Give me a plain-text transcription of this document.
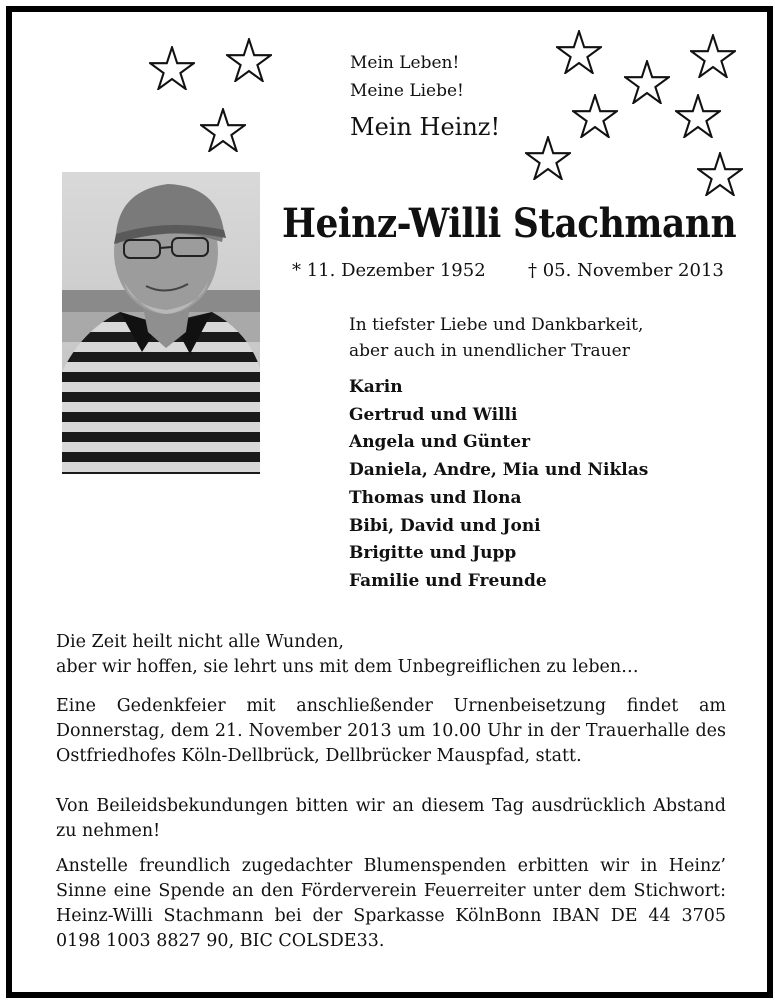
Mein Leben!
Meine Liebe!
Mein Heinz!
Heinz-Willi Stachmann
* 11. Dezember 1952 † 05. November 2013
In tiefster Liebe und Dankbarkeit,
aber auch in unendlicher Trauer
Karin
Gertrud und Willi
Angela und Günter
Daniela, Andre, Mia und Niklas
Thomas und Ilona
Bibi, David und Joni
Brigitte und Jupp
Familie und Freunde
Die Zeit heilt nicht alle Wunden,
aber wir hoffen, sie lehrt uns mit dem Unbegreiflichen zu leben…
Eine Gedenkfeier mit anschließender Urnenbeisetzung findet am Donnerstag, dem 21. November 2013 um 10.00 Uhr in der Trauerhalle des Ostfriedhofes Köln-Dellbrück, Dellbrücker Mauspfad, statt.
Von Beileidsbekundungen bitten wir an diesem Tag ausdrücklich Abstand zu nehmen!
Anstelle freundlich zugedachter Blumenspenden erbitten wir in Heinz’ Sinne eine Spende an den Förderverein Feuerreiter unter dem Stichwort: Heinz-Willi Stachmann bei der Sparkasse KölnBonn IBAN DE 44 3705 0198 1003 8827 90, BIC COLSDE33.
